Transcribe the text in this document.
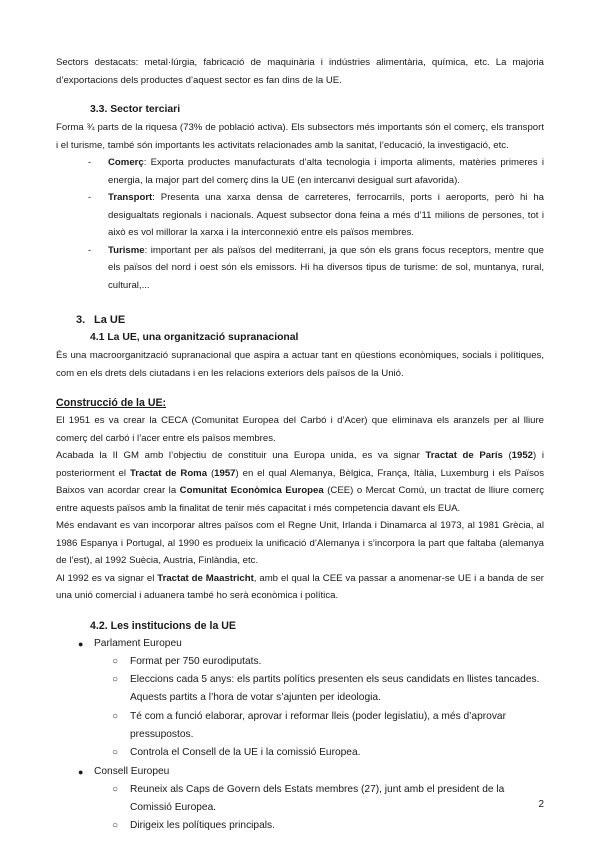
Sectors destacats: metal·lúrgia, fabricació de maquinària i indústries alimentària, química, etc. La majoria d’exportacions dels productes d’aquest sector es fan dins de la UE.

3.3. Sector terciari

Forma ¾ parts de la riquesa (73% de població activa). Els subsectors més importants són el comerç, els transport i el turisme, també són importants les activitats relacionades amb la sanitat, l’educació, la investigació, etc.

- Comerç: Exporta productes manufacturats d’alta tecnologia i importa aliments, matèries primeres i energia, la major part del comerç dins la UE (en intercanvi desigual surt afavorida).
- Transport: Presenta una xarxa densa de carreteres, ferrocarrils, ports i aeroports, però hi ha desigualtats regionals i nacionals. Aquest subsector dona feina a més d’11 milions de persones, tot i això es vol millorar la xarxa i la interconnexió entre els països membres.
- Turisme: important per als països del mediterrani, ja que són els grans focus receptors, mentre que els països del nord i oest són els emissors. Hi ha diversos tipus de turisme: de sol, muntanya, rural, cultural,...
3. La UE
4.1 La UE, una organització supranacional

És una macroorganització supranacional que aspira a actuar tant en qüestions econòmiques, socials i polítiques, com en els drets dels ciutadans i en les relacions exteriors dels països de la Unió.

Construcció de la UE:

El 1951 es va crear la CECA (Comunitat Europea del Carbó i d’Acer) que eliminava els aranzels per al lliure comerç del carbó i l’acer entre els països membres.

Acabada la II GM amb l’objectiu de constituir una Europa unida, es va signar Tractat de París (1952) i posteriorment el Tractat de Roma (1957) en el qual Alemanya, Bèlgica, França, Itàlia, Luxemburg i els Països Baixos van acordar crear la Comunitat Econòmica Europea (CEE) o Mercat Comú, un tractat de lliure comerç entre aquests països amb la finalitat de tenir més capacitat i més competencia davant els EUA.

Més endavant es van incorporar altres països com el Regne Unit, Irlanda i Dinamarca al 1973, al 1981 Grècia, al 1986 Espanya i Portugal, al 1990 es produeix la unificació d’Alemanya i s’incorpora la part que faltaba (alemanya de l’est), al 1992 Suècia, Austria, Finlàndia, etc.

Al 1992 es va signar el Tractat de Maastricht, amb el qual la CEE va passar a anomenar-se UE i a banda de ser una unió comercial i aduanera també ho serà econòmica i política.

4.2. Les institucions de la UE
● Parlament Europeu
○ Format per 750 eurodiputats.
○ Eleccions cada 5 anys: els partits polítics presenten els seus candidats en llistes tancades. Aquests partits a l’hora de votar s’ajunten per ideologia.
○ Té com a funció elaborar, aprovar i reformar lleis (poder legislatiu), a més d’aprovar pressupostos.
○ Controla el Consell de la UE i la comissió Europea.
● Consell Europeu
○ Reuneix als Caps de Govern dels Estats membres (27), junt amb el president de la Comissió Europea.
○ Dirigeix les polítiques principals.
2
